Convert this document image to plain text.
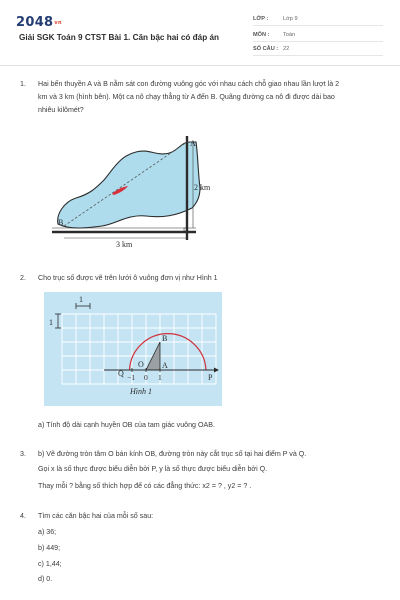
2048vn
Giải SGK Toán 9 CTST Bài 1. Căn bậc hai có đáp án
LỚP :	Lớp 9
MÔN : Toán
SỐ CÂU : 22
1. Hai bến thuyền A và B nằm sát con đường vuông góc với nhau cách chỗ giao nhau lần lượt là 2
km và 3 km (hình bên). Một ca nô chạy thẳng từ A đến B. Quãng đường ca nô đi được dài bao
nhiêu kilômét?
A
B
2 km
3 km
2. Cho trục số được vẽ trên lưới ô vuông đơn vị như Hình 1
1
1
B
A
O
Q	P
−1 0 1
Hình 1
a) Tính độ dài cạnh huyền OB của tam giác vuông OAB.
3. b) Vẽ đường tròn tâm O bán kính OB, đường tròn này cắt trục số tại hai điểm P và Q.
Gọi x là số thực được biểu diễn bởi P, y là số thực được biểu diễn bởi Q.
Thay mỗi ? bằng số thích hợp để có các đẳng thức: x2 = ? , y2 = ? .
4. Tìm các căn bậc hai của mỗi số sau:
a) 36;
b) 449;
c) 1,44;
d) 0.
